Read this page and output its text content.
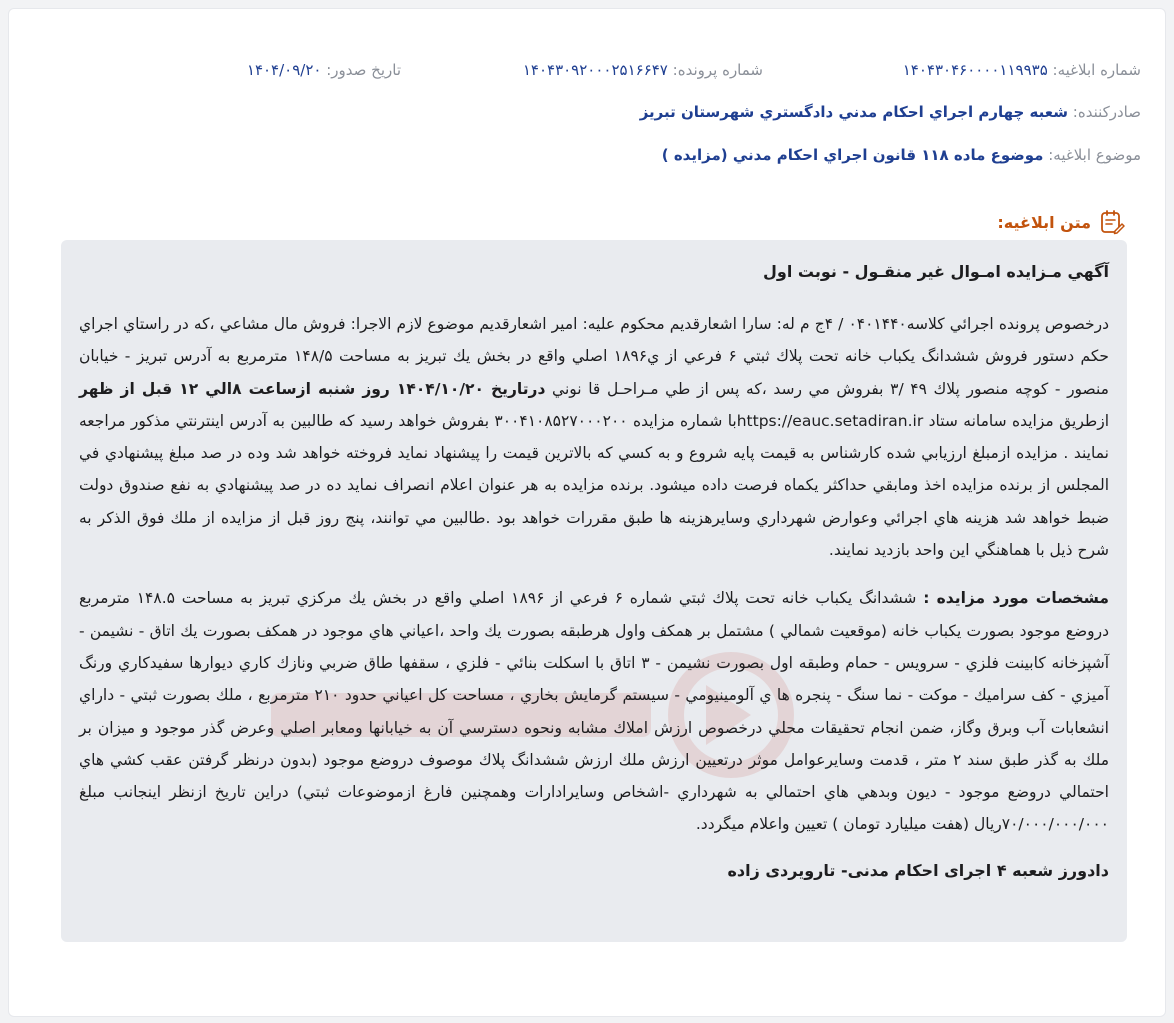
شماره ابلاغیه: ۱۴۰۴۳۰۴۶۰۰۰۰۱۱۹۹۳۵
شماره پرونده: ۱۴۰۴۳۰۹۲۰۰۰۲۵۱۶۶۴۷
تاریخ صدور: ۱۴۰۴/۰۹/۲۰
صادرکننده: شعبه چهارم اجراي احكام مدني دادگستري شهرستان تبريز
موضوع ابلاغیه: موضوع ماده ۱۱۸ قانون اجراي احكام مدني (مزايده )
متن ابلاغیه:
آگهي مـزايده امـوال غير منقـول - نوبت اول
درخصوص پرونده اجرائي كلاسه۰۴۰۱۴۴۰ / ۴ج م له: سارا اشعارقديم محكوم عليه: امير اشعارقديم موضوع لازم الاجرا: فروش مال مشاعي ،كه در راستاي اجراي حكم دستور فروش ششدانگ يكباب خانه تحت پلاك ثبتي ۶ فرعي از ي۱۸۹۶ اصلي واقع در بخش يك تبريز به مساحت ۱۴۸/۵ مترمربع به آدرس تبريز - خيابان منصور - كوچه منصور پلاك ۴۹ /۳ بفروش مي رسد ،كه پس از طي مـراحـل قا نوني درتاريخ ۱۴۰۴/۱۰/۲۰ روز شنبه ازساعت ۸الي ۱۲ قبل از ظهر ازطريق مزايده سامانه ستاد https://eauc.setadiran.irبا شماره مزايده ۳۰۰۴۱۰۸۵۲۷۰۰۰۲۰۰ بفروش خواهد رسيد كه طالبين به آدرس اينترنتي مذكور مراجعه نمايند . مزايده ازمبلغ ارزيابي شده كارشناس به قيمت پايه شروع و به كسي كه بالاترين قيمت را پيشنهاد نمايد فروخته خواهد شد وده در صد مبلغ پيشنهادي في المجلس از برنده مزايده اخذ ومابقي حداكثر يكماه فرصت داده ميشود. برنده مزايده به هر عنوان اعلام انصراف نمايد ده در صد پيشنهادي به نفع صندوق دولت ضبط خواهد شد هزينه هاي اجرائي وعوارض شهرداري وسايرهزينه ها طبق مقررات خواهد بود .طالبين مي توانند، پنج روز قبل از مزايده از ملك فوق الذكر به شرح ذيل با هماهنگي اين واحد بازديد نمايند.
مشخصات مورد مزايده : ششدانگ يكباب خانه تحت پلاك ثبتي شماره ۶ فرعي از ۱۸۹۶ اصلي واقع در بخش يك مركزي تبريز به مساحت ۱۴۸.۵ مترمربع دروضع موجود بصورت يكباب خانه (موقعيت شمالي ) مشتمل بر همكف واول هرطبقه بصورت يك واحد ،اعياني هاي موجود در همكف بصورت يك اتاق - نشيمن - آشپزخانه كابينت فلزي - سرويس - حمام وطبقه اول بصورت نشيمن - ۳ اتاق با اسكلت بنائي - فلزي ، سقفها طاق ضربي ونازك كاري ديوارها سفيدكاري ورنگ آميزي - كف سراميك - موكت - نما سنگ - پنجره ها ي آلومينيومي - سيستم گرمايش بخاري ، مساحت كل اعياني حدود ۲۱۰ مترمربع ، ملك بصورت ثبتي - داراي انشعابات آب وبرق وگاز، ضمن انجام تحقيقات محلي درخصوص ارزش املاك مشابه ونحوه دسترسي آن به خيابانها ومعابر اصلي وعرض گذر موجود و ميزان بر ملك به گذر طبق سند ۲ متر ، قدمت وسايرعوامل موثر درتعيين ارزش ملك ارزش ششدانگ پلاك موصوف دروضع موجود (بدون درنظر گرفتن عقب كشي هاي احتمالي دروضع موجود - ديون وبدهي هاي احتمالي به شهرداري -اشخاص وسايرادارات وهمچنين فارغ ازموضوعات ثبتي) دراين تاريخ ازنظر اينجانب مبلغ ۷۰/۰۰۰/۰۰۰/۰۰۰ريال (هفت ميليارد تومان ) تعيين واعلام ميگردد.
دادورز شعبه ۴ اجراى احكام مدنى- تارويردى زاده
